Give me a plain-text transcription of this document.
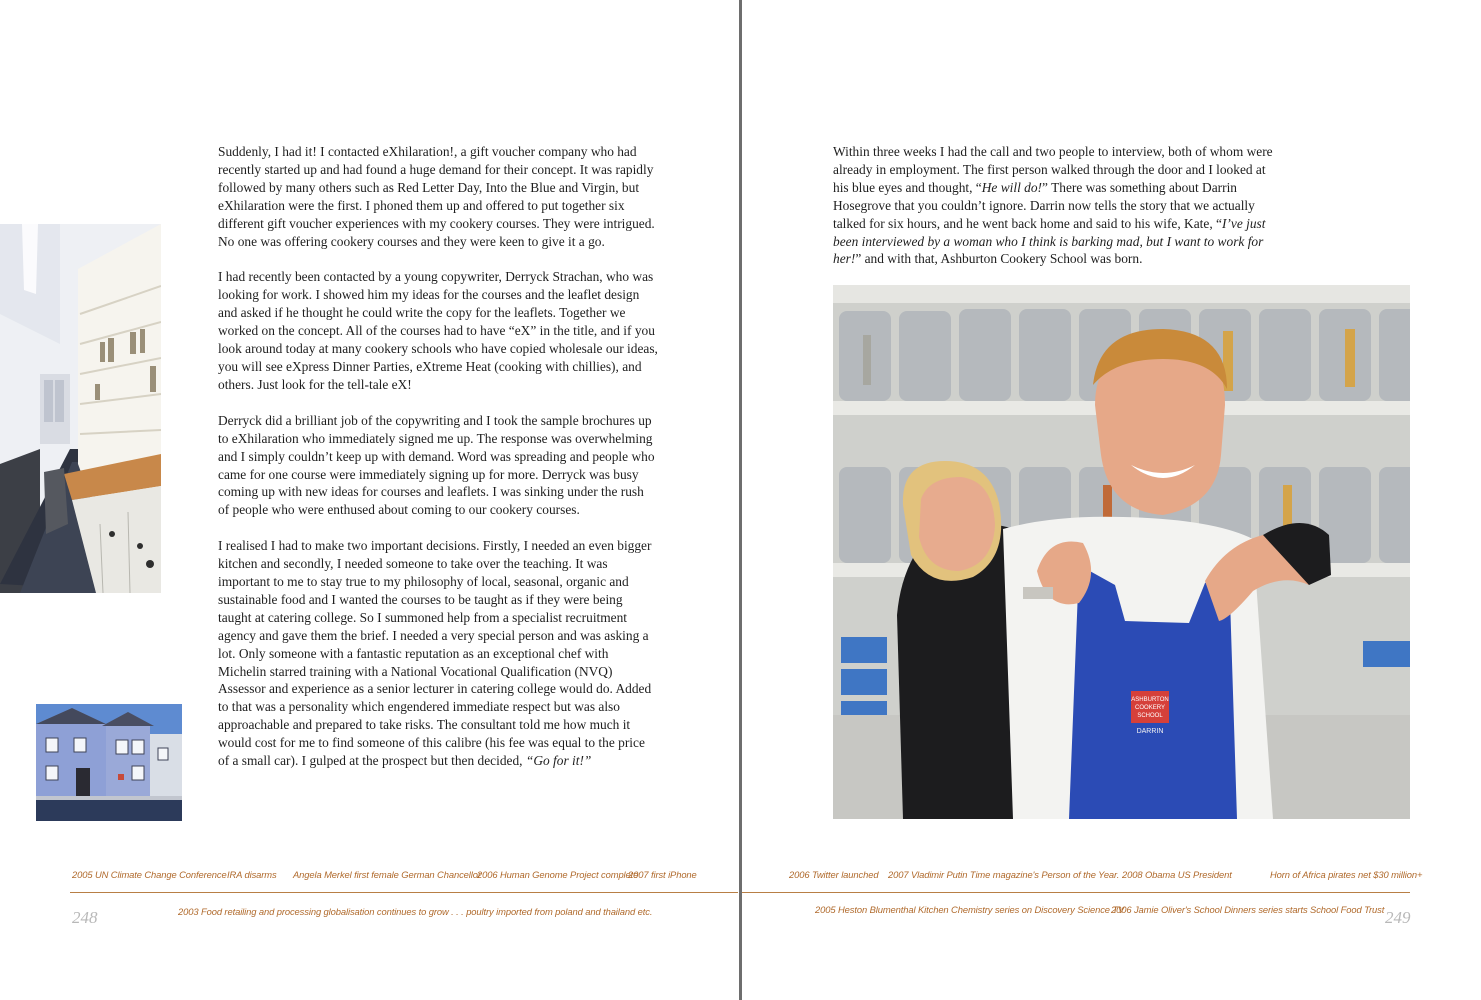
Suddenly, I had it! I contacted eXhilaration!, a gift voucher company who had recently started up and had found a huge demand for their concept. It was rapidly followed by many others such as Red Letter Day, Into the Blue and Virgin, but eXhilaration were the first. I phoned them up and offered to put together six different gift voucher experiences with my cookery courses. They were intrigued. No one was offering cookery courses and they were keen to give it a go.

I had recently been contacted by a young copywriter, Derryck Strachan, who was looking for work. I showed him my ideas for the courses and the leaflet design and asked if he thought he could write the copy for the leaflets. Together we worked on the concept. All of the courses had to have “eX” in the title, and if you look around today at many cookery schools who have copied wholesale our ideas, you will see eXpress Dinner Parties, eXtreme Heat (cooking with chillies), and others. Just look for the tell-tale eX!

Derryck did a brilliant job of the copywriting and I took the sample brochures up to eXhilaration who immediately signed me up. The response was overwhelming and I simply couldn’t keep up with demand. Word was spreading and people who came for one course were immediately signing up for more. Derryck was busy coming up with new ideas for courses and leaflets. I was sinking under the rush of people who were enthused about coming to our cookery courses.

I realised I had to make two important decisions. Firstly, I needed an even bigger kitchen and secondly, I needed someone to take over the teaching. It was important to me to stay true to my philosophy of local, seasonal, organic and sustainable food and I wanted the courses to be taught as if they were being taught at catering college. So I summoned help from a specialist recruitment agency and gave them the brief. I needed a very special person and was asking a lot. Only someone with a fantastic reputation as an exceptional chef with Michelin starred training with a National Vocational Qualification (NVQ) Assessor and experience as a senior lecturer in catering college would do. Added to that was a personality which engendered immediate respect but was also approachable and prepared to take risks. The consultant told me how much it would cost for me to find someone of this calibre (his fee was equal to the price of a small car). I gulped at the prospect but then decided, “Go for it!”

Within three weeks I had the call and two people to interview, both of whom were already in employment. The first person walked through the door and I looked at his blue eyes and thought, “He will do!” There was something about Darrin Hosegrove that you couldn’t ignore. Darrin now tells the story that we actually talked for six hours, and he went back home and said to his wife, Kate, “I’ve just been interviewed by a woman who I think is barking mad, but I want to work for her!” and with that, Ashburton Cookery School was born.

DARRIN
ASHBURTON
COOKERY
SCHOOL
2005 UN Climate Change Conference IRA disarms Angela Merkel first female German Chancellor
2006 Human Genome Project complete
2007 first iPhone
2003 Food retailing and processing globalisation continues to grow . . . poultry imported from poland and thailand etc.
248
2006 Twitter launched 2007 Vladimir Putin Time magazine's Person of the Year. 2008 Obama US President	Horn of Africa pirates net $30 million+
2005 Heston Blumenthal Kitchen Chemistry series on Discovery Science TV
2006 Jamie Oliver's School Dinners series starts School Food Trust 249
